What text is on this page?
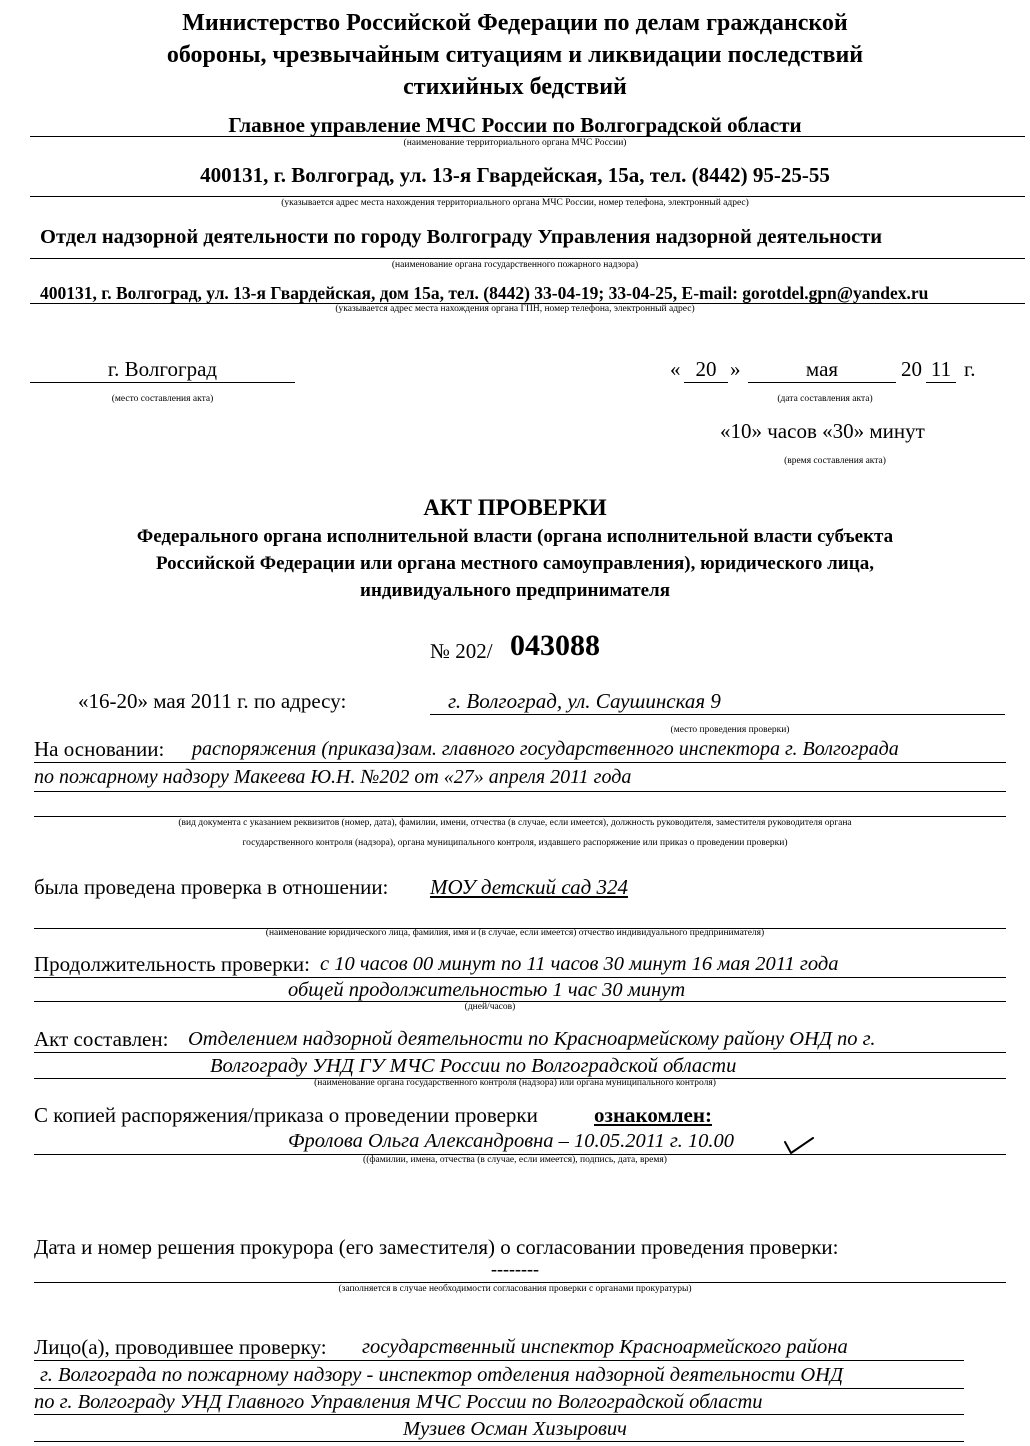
Министерство Российской Федерации по делам гражданской
обороны, чрезвычайным ситуациям и ликвидации последствий
стихийных бедствий
Главное управление МЧС России по Волгоградской области
(наименование территориального органа МЧС России)
400131, г. Волгоград, ул. 13-я Гвардейская, 15а, тел. (8442) 95-25-55
(указывается адрес места нахождения территориального органа МЧС России, номер телефона, электронный адрес)
Отдел надзорной деятельности по городу Волгограду Управления надзорной деятельности
(наименование органа государственного пожарного надзора)
400131, г. Волгоград, ул. 13-я Гвардейская, дом 15а, тел. (8442) 33-04-19; 33-04-25, E-mail: gorotdel.gpn@yandex.ru
(указывается адрес места нахождения органа ГПН, номер телефона, электронный адрес)
г. Волгоград
(место составления акта)
« 20 »	мая	20 11 г.
(дата составления акта)
«10» часов «30» минут
(время составления акта)
АКТ ПРОВЕРКИ
Федерального органа исполнительной власти (органа исполнительной власти субъекта
Российской Федерации или органа местного самоуправления), юридического лица,
индивидуального предпринимателя
№ 202/ 043088
«16-20» мая 2011 г. по адресу:	г. Волгоград, ул. Саушинская 9
(место проведения проверки)
На основании: распоряжения (приказа)зам. главного государственного инспектора г. Волгограда
по пожарному надзору Макеева Ю.Н. №202 от «27» апреля 2011 года
(вид документа с указанием реквизитов (номер, дата), фамилии, имени, отчества (в случае, если имеется), должность руководителя, заместителя руководителя органа
государственного контроля (надзора), органа муниципального контроля, издавшего распоряжение или приказ о проведении проверки)
была проведена проверка в отношении: МОУ детский сад 324
(наименование юридического лица, фамилия, имя и (в случае, если имеется) отчество индивидуального предпринимателя)
Продолжительность проверки: с 10 часов 00 минут по 11 часов 30 минут 16 мая 2011 года
общей продолжительностью 1 час 30 минут
(дней/часов)
Акт составлен: Отделением надзорной деятельности по Красноармейскому району ОНД по г.
Волгограду УНД ГУ МЧС России по Волгоградской области
(наименование органа государственного контроля (надзора) или органа муниципального контроля)
С копией распоряжения/приказа о проведении проверки	ознакомлен:
Фролова Ольга Александровна – 10.05.2011 г. 10.00
((фамилии, имена, отчества (в случае, если имеется), подпись, дата, время)
Дата и номер решения прокурора (его заместителя) о согласовании проведения проверки:
--------
(заполняется в случае необходимости согласования проверки с органами прокуратуры)
Лицо(а), проводившее проверку: государственный инспектор Красноармейского района
г. Волгограда по пожарному надзору - инспектор отделения надзорной деятельности ОНД
по г. Волгограду УНД Главного Управления МЧС России по Волгоградской области
Музиев Осман Хизырович
